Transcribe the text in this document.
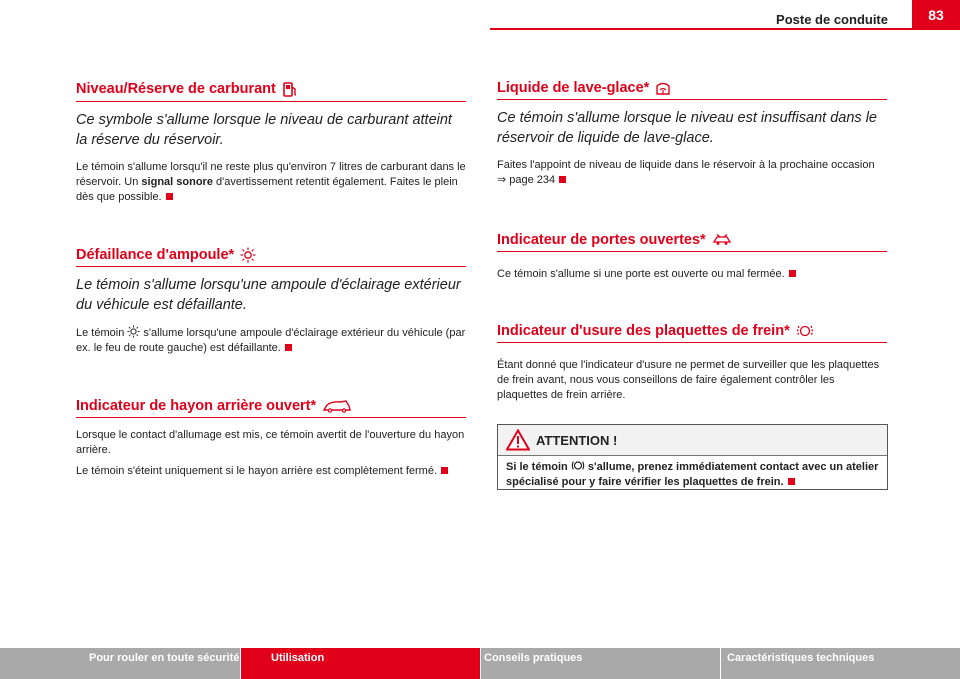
Poste de conduite	83
Niveau/Réserve de carburant

Ce symbole s'allume lorsque le niveau de carburant atteint la réserve du réservoir.

Le témoin s'allume lorsqu'il ne reste plus qu'environ 7 litres de carburant dans le réservoir. Un signal sonore d'avertissement retentit également. Faites le plein dès que possible.

Défaillance d'ampoule*

Le témoin s'allume lorsqu'une ampoule d'éclairage extérieur du véhicule est défaillante.

Le témoin  s'allume lorsqu'une ampoule d'éclairage extérieur du véhicule (par ex. le feu de route gauche) est défaillante.

Indicateur de hayon arrière ouvert*

Lorsque le contact d'allumage est mis, ce témoin avertit de l'ouverture du hayon arrière.

Le témoin s'éteint uniquement si le hayon arrière est complètement fermé.

Liquide de lave-glace*

Ce témoin s'allume lorsque le niveau est insuffisant dans le réservoir de liquide de lave-glace.

Faites l'appoint de niveau de liquide dans le réservoir à la prochaine occasion
⇒ page 234

Indicateur de portes ouvertes*

Ce témoin s'allume si une porte est ouverte ou mal fermée.

Indicateur d'usure des plaquettes de frein*

Étant donné que l'indicateur d'usure ne permet de surveiller que les plaquettes de frein avant, nous vous conseillons de faire également contrôler les plaquettes de frein arrière.

ATTENTION !
Si le témoin  s'allume, prenez immédiatement contact avec un atelier spécialisé pour y faire vérifier les plaquettes de frein.
Pour rouler en toute sécurité	Utilisation	Conseils pratiques	Caractéristiques techniques
